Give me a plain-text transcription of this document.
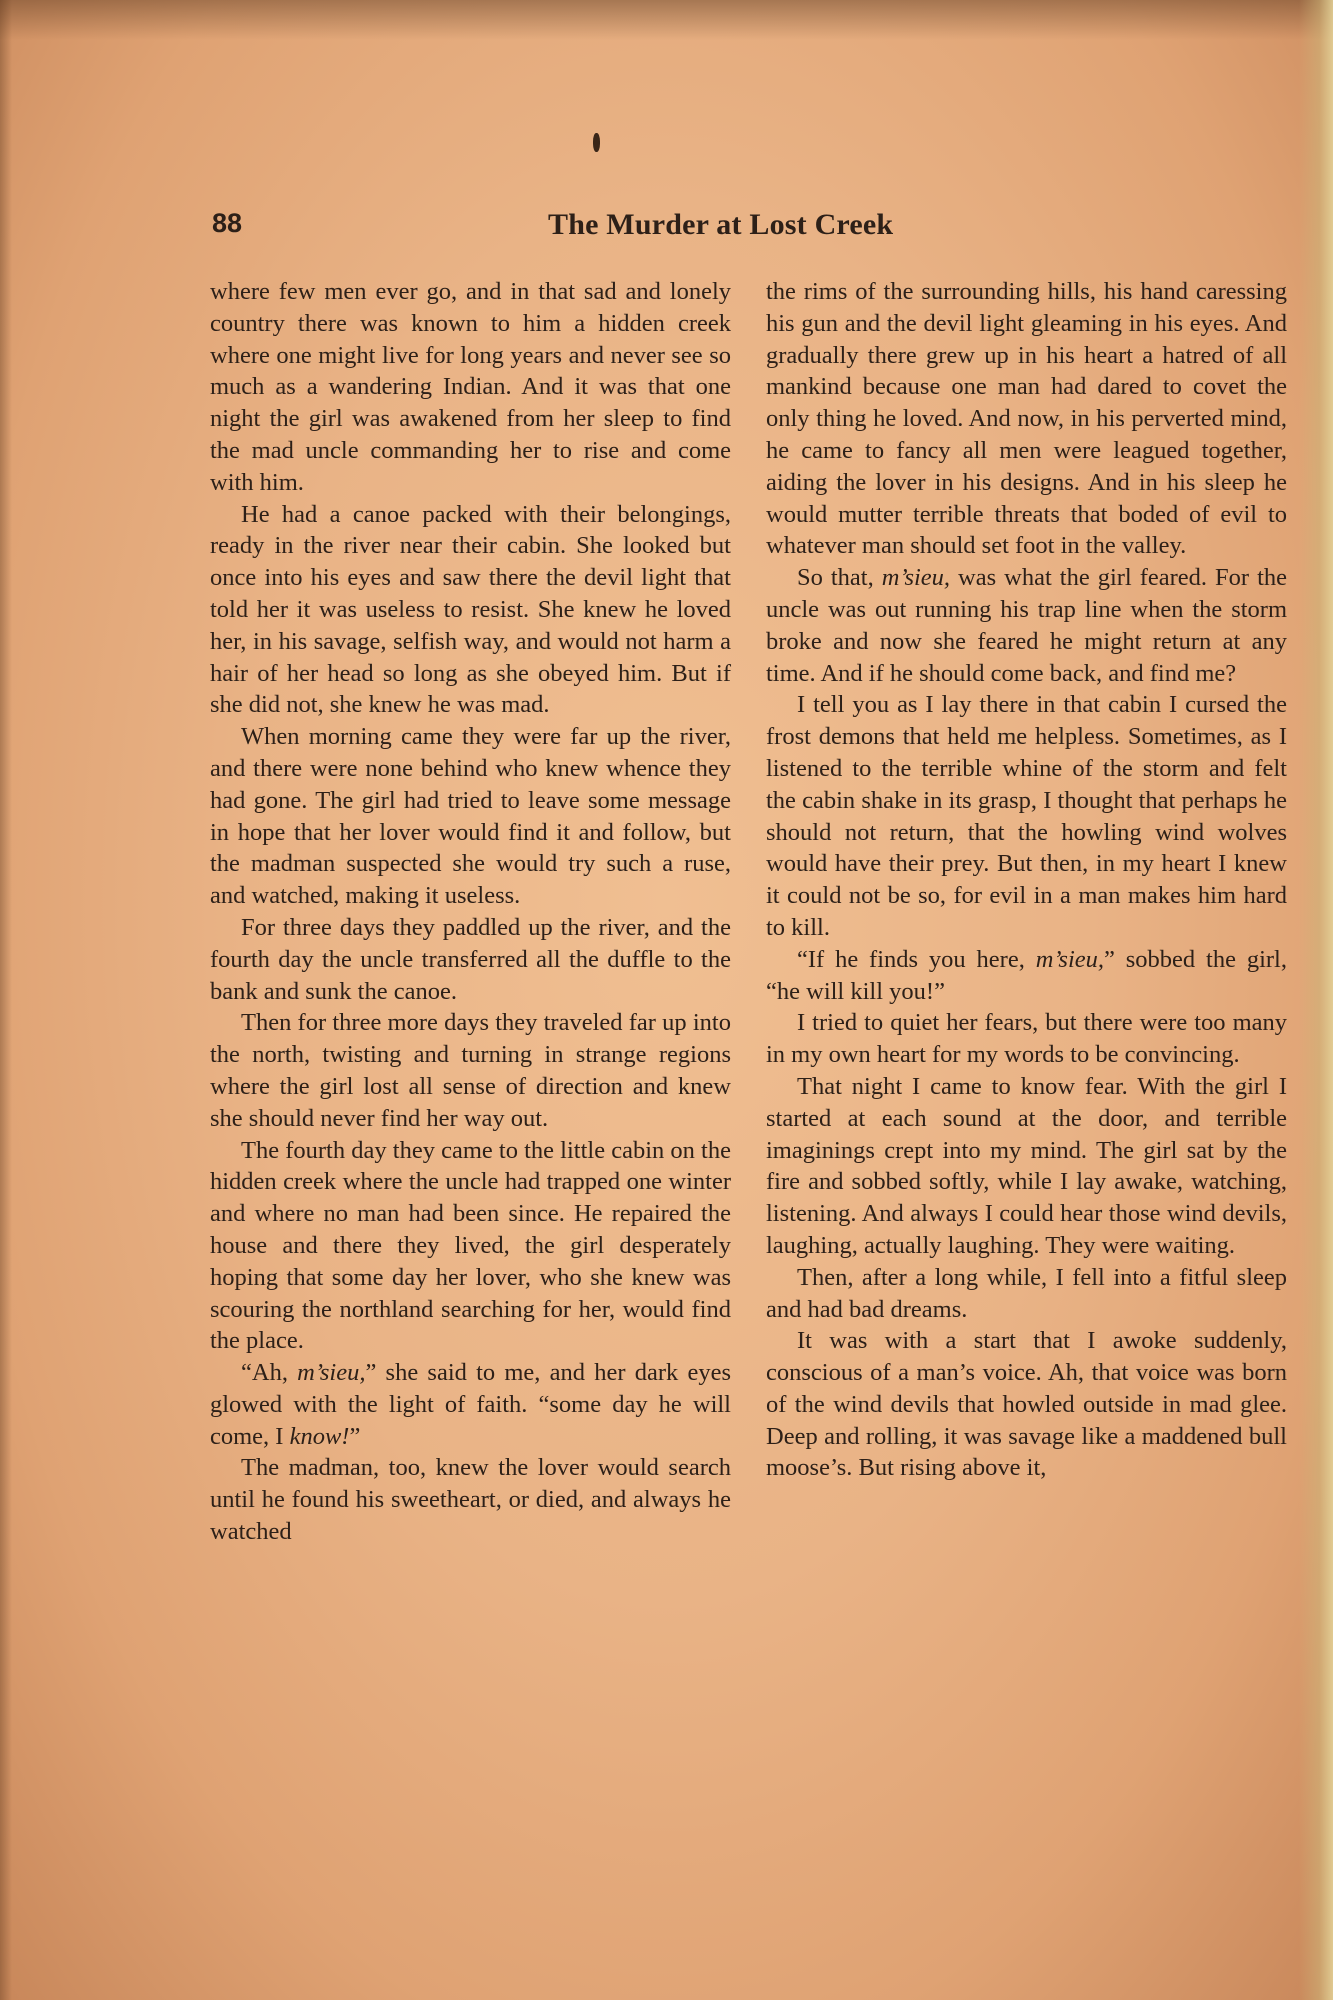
88	The Murder at Lost Creek

where few men ever go, and in that sad and lonely country there was known to him a hidden creek where one might live for long years and never see so much as a wandering Indian. And it was that one night the girl was awakened from her sleep to find the mad uncle commanding her to rise and come with him.

He had a canoe packed with their belongings, ready in the river near their cabin. She looked but once into his eyes and saw there the devil light that told her it was useless to resist. She knew he loved her, in his savage, selfish way, and would not harm a hair of her head so long as she obeyed him. But if she did not, she knew he was mad.

When morning came they were far up the river, and there were none behind who knew whence they had gone. The girl had tried to leave some message in hope that her lover would find it and follow, but the madman suspected she would try such a ruse, and watched, making it useless.

For three days they paddled up the river, and the fourth day the uncle transferred all the duffle to the bank and sunk the canoe.

Then for three more days they traveled far up into the north, twisting and turning in strange regions where the girl lost all sense of direction and knew she should never find her way out.

The fourth day they came to the little cabin on the hidden creek where the uncle had trapped one winter and where no man had been since. He repaired the house and there they lived, the girl desperately hoping that some day her lover, who she knew was scouring the northland searching for her, would find the place.

“Ah, m’sieu,” she said to me, and her dark eyes glowed with the light of faith. “some day he will come, I know!”

The madman, too, knew the lover would search until he found his sweetheart, or died, and always he watched

the rims of the surrounding hills, his hand caressing his gun and the devil light gleaming in his eyes. And gradually there grew up in his heart a hatred of all mankind because one man had dared to covet the only thing he loved. And now, in his perverted mind, he came to fancy all men were leagued together, aiding the lover in his designs. And in his sleep he would mutter terrible threats that boded of evil to whatever man should set foot in the valley.

So that, m’sieu, was what the girl feared. For the uncle was out running his trap line when the storm broke and now she feared he might return at any time. And if he should come back, and find me?

I tell you as I lay there in that cabin I cursed the frost demons that held me helpless. Sometimes, as I listened to the terrible whine of the storm and felt the cabin shake in its grasp, I thought that perhaps he should not return, that the howling wind wolves would have their prey. But then, in my heart I knew it could not be so, for evil in a man makes him hard to kill.

“If he finds you here, m’sieu,” sobbed the girl, “he will kill you!”

I tried to quiet her fears, but there were too many in my own heart for my words to be convincing.

That night I came to know fear. With the girl I started at each sound at the door, and terrible imaginings crept into my mind. The girl sat by the fire and sobbed softly, while I lay awake, watching, listening. And always I could hear those wind devils, laughing, actually laughing. They were waiting.

Then, after a long while, I fell into a fitful sleep and had bad dreams.

It was with a start that I awoke suddenly, conscious of a man’s voice. Ah, that voice was born of the wind devils that howled outside in mad glee. Deep and rolling, it was savage like a maddened bull moose’s. But rising above it,
